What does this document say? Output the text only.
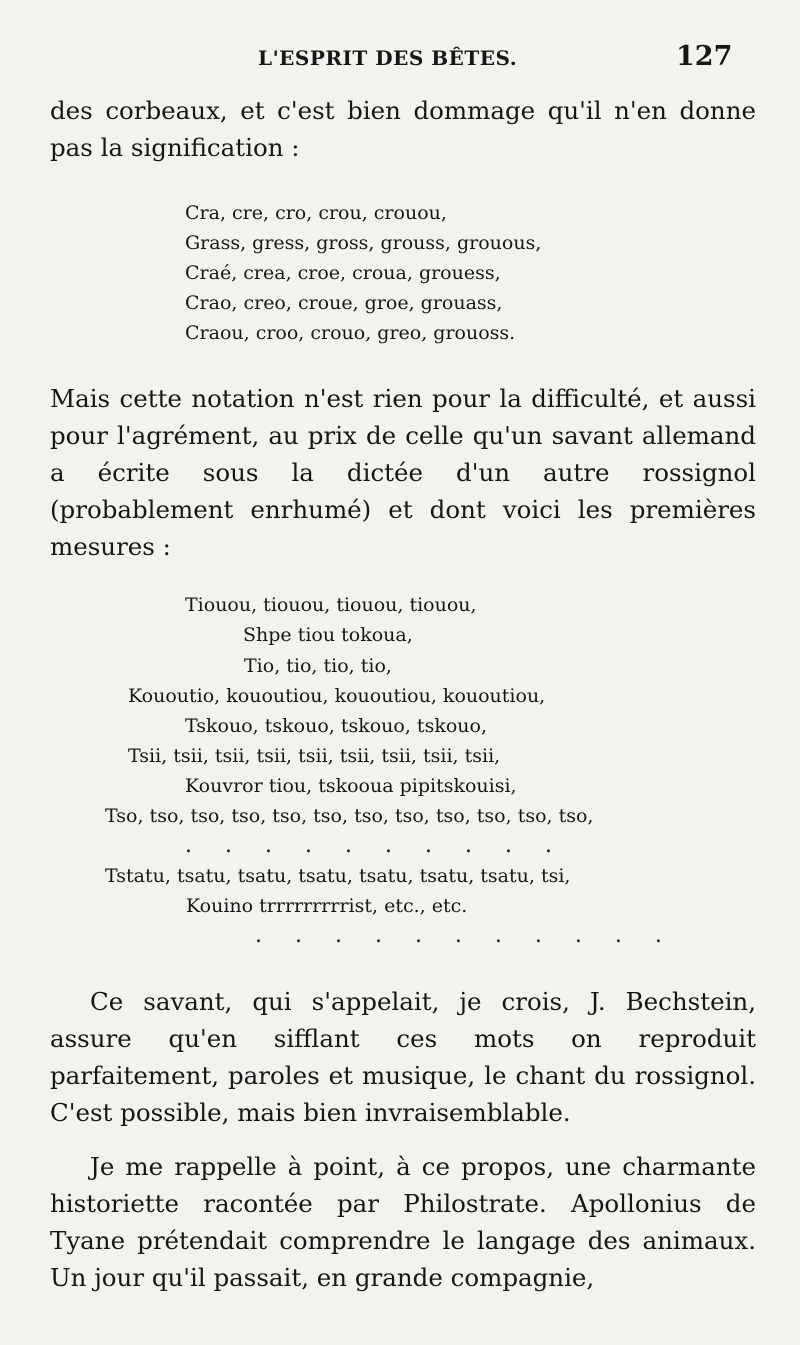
L'ESPRIT DES BÊTES.	127

des corbeaux, et c'est bien dommage qu'il n'en donne pas la signification :

Cra, cre, cro, crou, crouou,
Grass, gress, gross, grouss, grouous,
Craé, crea, croe, croua, grouess,
Crao, creo, croue, groe, grouass,
Craou, croo, crouo, greo, grouoss.

Mais cette notation n'est rien pour la difficulté, et aussi pour l'agrément, au prix de celle qu'un savant allemand a écrite sous la dictée d'un autre rossignol (probablement enrhumé) et dont voici les premières mesures :

Tiouou, tiouou, tiouou, tiouou,
Shpe tiou tokoua,
Tio, tio, tio, tio,
Kououtio, kououtiou, kououtiou, kououtiou,
Tskouo, tskouo, tskouo, tskouo,
Tsii, tsii, tsii, tsii, tsii, tsii, tsii, tsii, tsii,
Kouvror tiou, tskooua pipitskouisi,
Tso, tso, tso, tso, tso, tso, tso, tso, tso, tso, tso, tso,
. . . . . . . . . .
Tstatu, tsatu, tsatu, tsatu, tsatu, tsatu, tsatu, tsi,
Kouino trrrrrrrrrist, etc., etc.
. . . . . . . . . . .

Ce savant, qui s'appelait, je crois, J. Bechstein, assure qu'en sifflant ces mots on reproduit parfaitement, paroles et musique, le chant du rossignol. C'est possible, mais bien invraisemblable.

Je me rappelle à point, à ce propos, une charmante historiette racontée par Philostrate. Apollonius de Tyane prétendait comprendre le langage des animaux. Un jour qu'il passait, en grande compagnie,
